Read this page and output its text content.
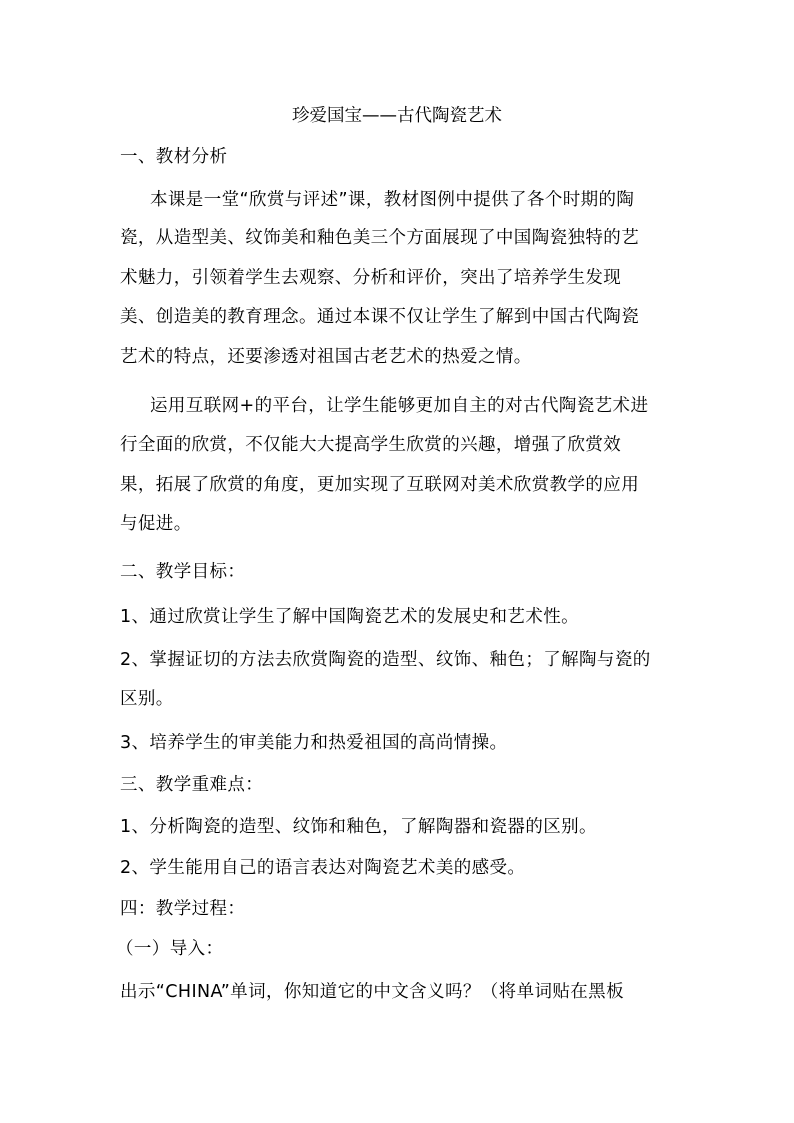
珍爱国宝——古代陶瓷艺术
一、教材分析
本课是一堂“欣赏与评述”课，教材图例中提供了各个时期的陶
瓷，从造型美、纹饰美和釉色美三个方面展现了中国陶瓷独特的艺
术魅力，引领着学生去观察、分析和评价，突出了培养学生发现
美、创造美的教育理念。通过本课不仅让学生了解到中国古代陶瓷
艺术的特点，还要渗透对祖国古老艺术的热爱之情。
运用互联网+的平台，让学生能够更加自主的对古代陶瓷艺术进
行全面的欣赏，不仅能大大提高学生欣赏的兴趣，增强了欣赏效
果，拓展了欣赏的角度，更加实现了互联网对美术欣赏教学的应用
与促进。
二、教学目标：
1、通过欣赏让学生了解中国陶瓷艺术的发展史和艺术性。
2、掌握证切的方法去欣赏陶瓷的造型、纹饰、釉色；了解陶与瓷的
区别。
3、培养学生的审美能力和热爱祖国的高尚情操。
三、教学重难点：
1、分析陶瓷的造型、纹饰和釉色，了解陶器和瓷器的区别。
2、学生能用自己的语言表达对陶瓷艺术美的感受。
四：教学过程：
（一）导入：
出示“CHINA”单词，你知道它的中文含义吗？（将单词贴在黑板
